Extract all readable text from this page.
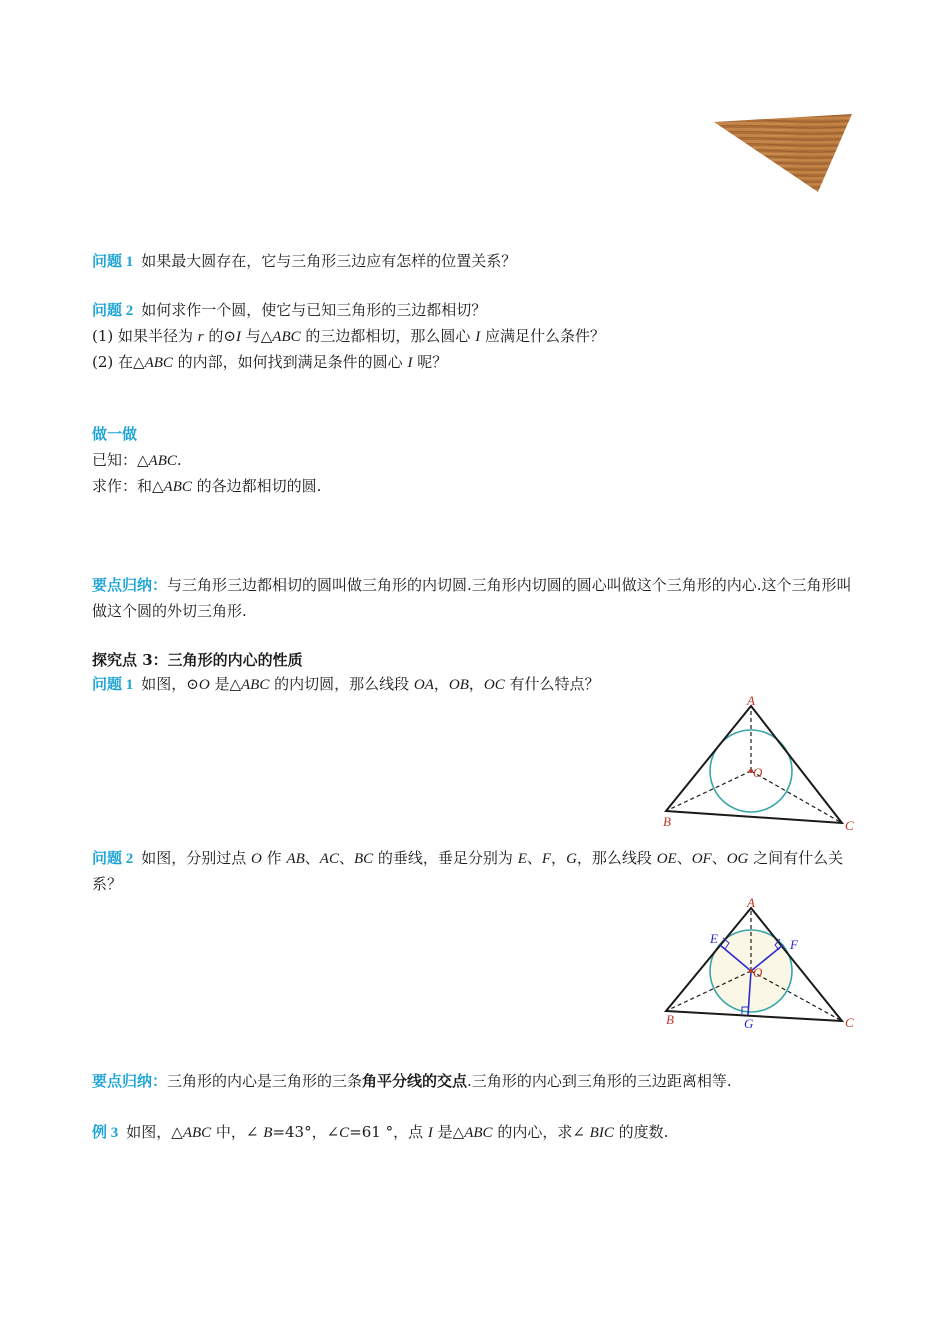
问题 1 如果最大圆存在，它与三角形三边应有怎样的位置关系？
问题 2 如何求作一个圆，使它与已知三角形的三边都相切？
(1) 如果半径为 r 的⊙I 与△ABC 的三边都相切，那么圆心 I 应满足什么条件？
(2) 在△ABC 的内部，如何找到满足条件的圆心 I 呢？
做一做
已知：△ABC.
求作：和△ABC 的各边都相切的圆.
要点归纳：与三角形三边都相切的圆叫做三角形的内切圆.三角形内切圆的圆心叫做这个三角形的内心.这个三角形叫做这个圆的外切三角形.
探究点 3：三角形的内心的性质
问题 1 如图，⊙O 是△ABC 的内切圆，那么线段 OA，OB，OC 有什么特点？
A
O
B	C
问题 2 如图，分别过点 O 作 AB、AC、BC 的垂线，垂足分别为 E、F，G，那么线段 OE、OF、OG 之间有什么关系？
A
O
E	F
G
B	C
要点归纳：三角形的内心是三角形的三条角平分线的交点.三角形的内心到三角形的三边距离相等.
例 3 如图，△ABC 中，∠ B=43°，∠C=61 °，点 I 是△ABC 的内心，求∠ BIC 的度数.
